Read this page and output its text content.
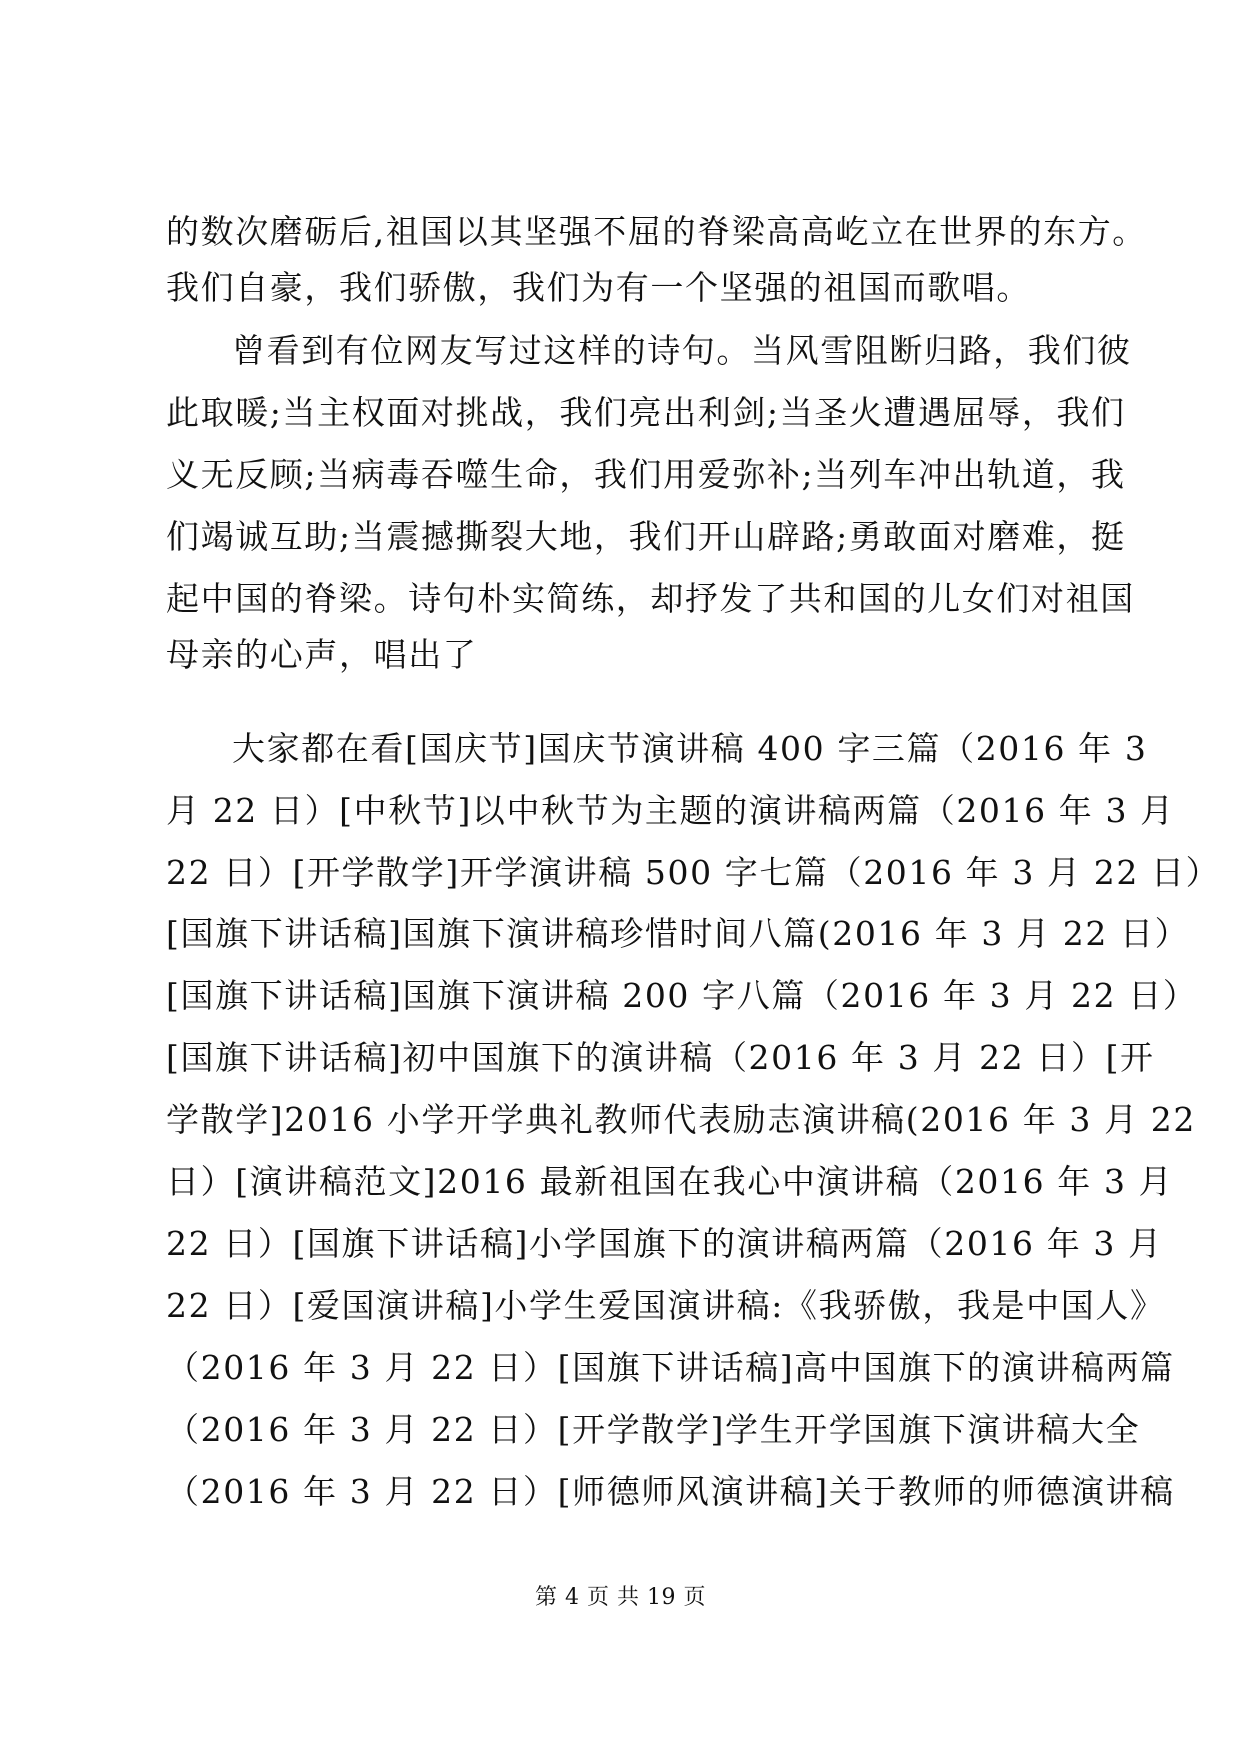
的数次磨砺后,祖国以其坚强不屈的脊梁高高屹立在世界的东方。
我们自豪，我们骄傲，我们为有一个坚强的祖国而歌唱。
曾看到有位网友写过这样的诗句。当风雪阻断归路，我们彼
此取暖;当主权面对挑战，我们亮出利剑;当圣火遭遇屈辱，我们
义无反顾;当病毒吞噬生命，我们用爱弥补;当列车冲出轨道，我
们竭诚互助;当震撼撕裂大地，我们开山辟路;勇敢面对磨难，挺
起中国的脊梁。诗句朴实简练，却抒发了共和国的儿女们对祖国
母亲的心声，唱出了
大家都在看[国庆节]国庆节演讲稿 400 字三篇（2016 年 3
月 22 日）[中秋节]以中秋节为主题的演讲稿两篇（2016 年 3 月
22 日）[开学散学]开学演讲稿 500 字七篇（2016 年 3 月 22 日）
[国旗下讲话稿]国旗下演讲稿珍惜时间八篇(2016 年 3 月 22 日）
[国旗下讲话稿]国旗下演讲稿 200 字八篇（2016 年 3 月 22 日）
[国旗下讲话稿]初中国旗下的演讲稿（2016 年 3 月 22 日）[开
学散学]2016 小学开学典礼教师代表励志演讲稿(2016 年 3 月 22
日）[演讲稿范文]2016 最新祖国在我心中演讲稿（2016 年 3 月
22 日）[国旗下讲话稿]小学国旗下的演讲稿两篇（2016 年 3 月
22 日）[爱国演讲稿]小学生爱国演讲稿:《我骄傲，我是中国人》
（2016 年 3 月 22 日）[国旗下讲话稿]高中国旗下的演讲稿两篇
（2016 年 3 月 22 日）[开学散学]学生开学国旗下演讲稿大全
（2016 年 3 月 22 日）[师德师风演讲稿]关于教师的师德演讲稿
第 4 页 共 19 页
